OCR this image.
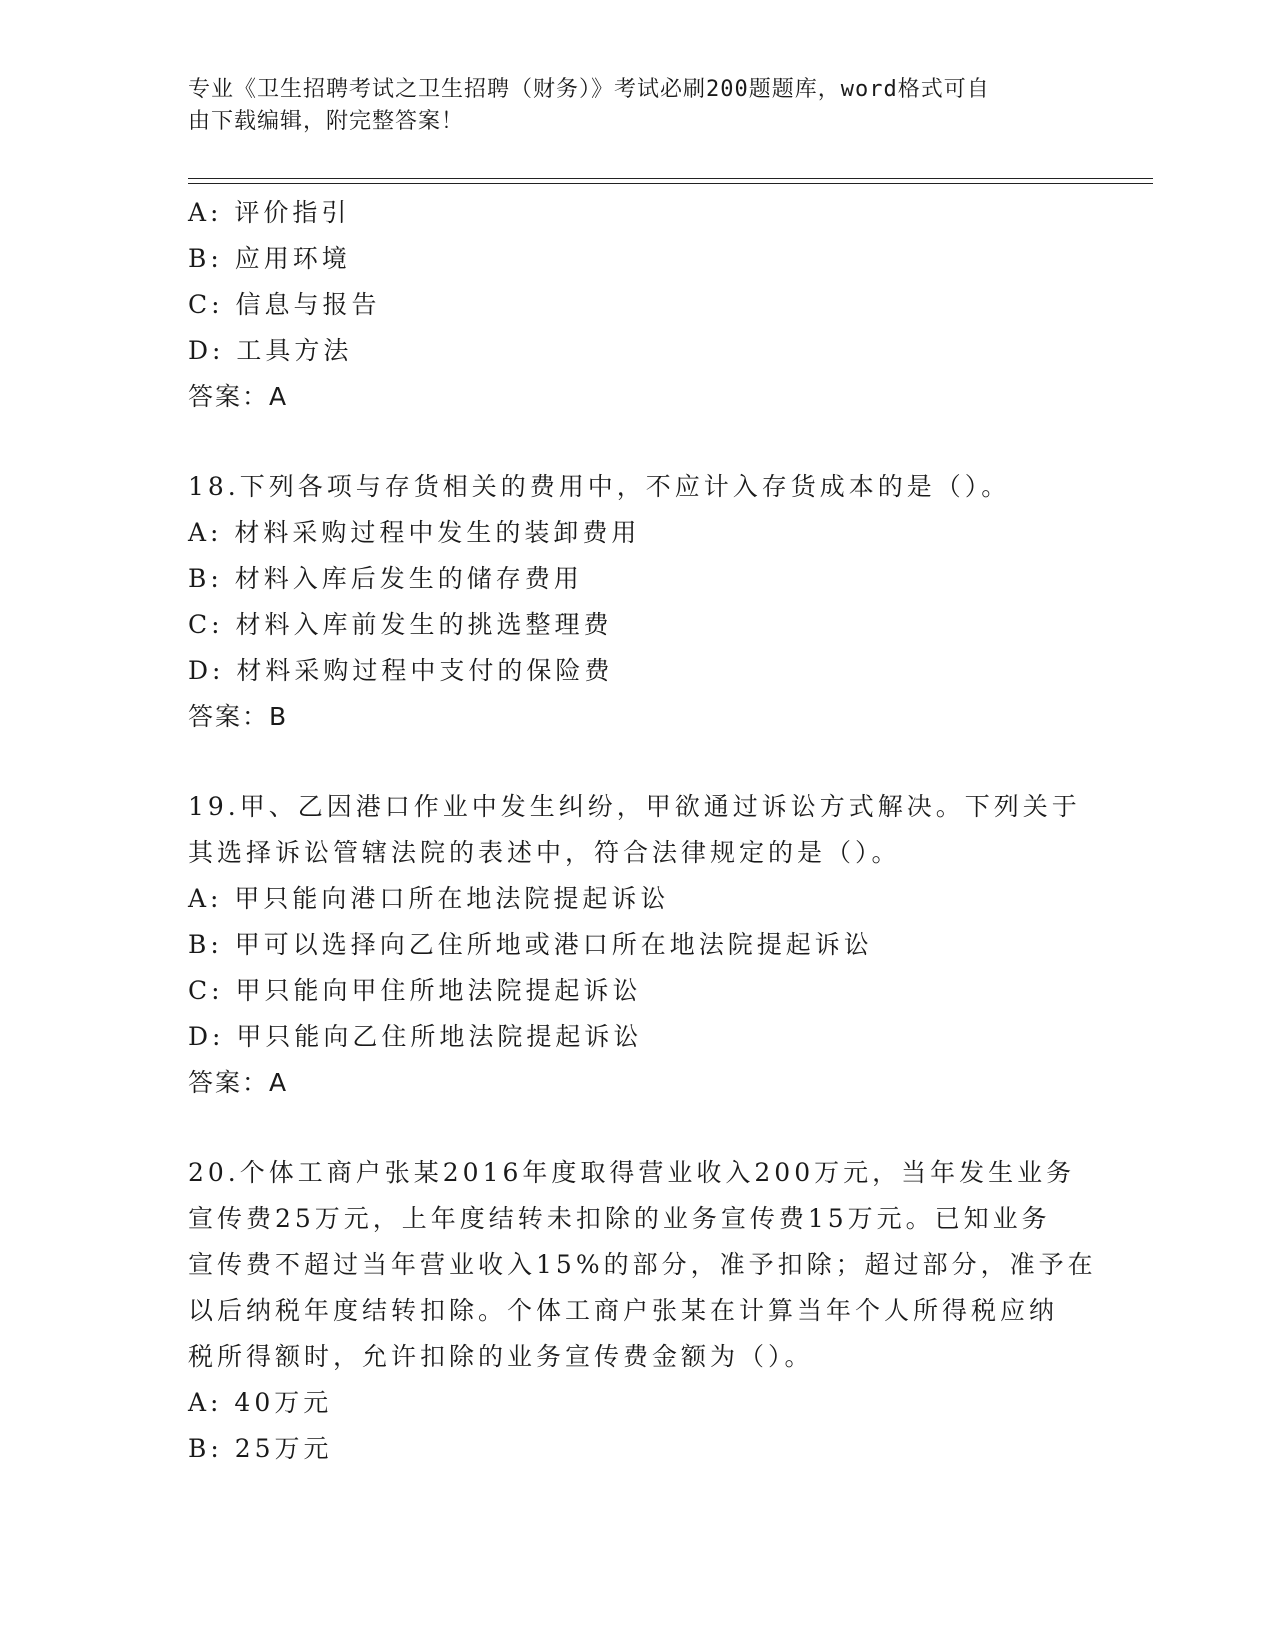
专业《卫生招聘考试之卫生招聘（财务）》考试必刷200题题库，word格式可自
由下载编辑，附完整答案！
A: 评价指引
B: 应用环境
C: 信息与报告
D: 工具方法
答案：A
18.下列各项与存货相关的费用中，不应计入存货成本的是（）。
A: 材料采购过程中发生的装卸费用
B: 材料入库后发生的储存费用
C: 材料入库前发生的挑选整理费
D: 材料采购过程中支付的保险费
答案：B
19.甲、乙因港口作业中发生纠纷，甲欲通过诉讼方式解决。下列关于
其选择诉讼管辖法院的表述中，符合法律规定的是（）。
A: 甲只能向港口所在地法院提起诉讼
B: 甲可以选择向乙住所地或港口所在地法院提起诉讼
C: 甲只能向甲住所地法院提起诉讼
D: 甲只能向乙住所地法院提起诉讼
答案：A
20.个体工商户张某2016年度取得营业收入200万元，当年发生业务
宣传费25万元，上年度结转未扣除的业务宣传费15万元。已知业务
宣传费不超过当年营业收入15%的部分，准予扣除；超过部分，准予在
以后纳税年度结转扣除。个体工商户张某在计算当年个人所得税应纳
税所得额时，允许扣除的业务宣传费金额为（）。
A: 40万元
B: 25万元
